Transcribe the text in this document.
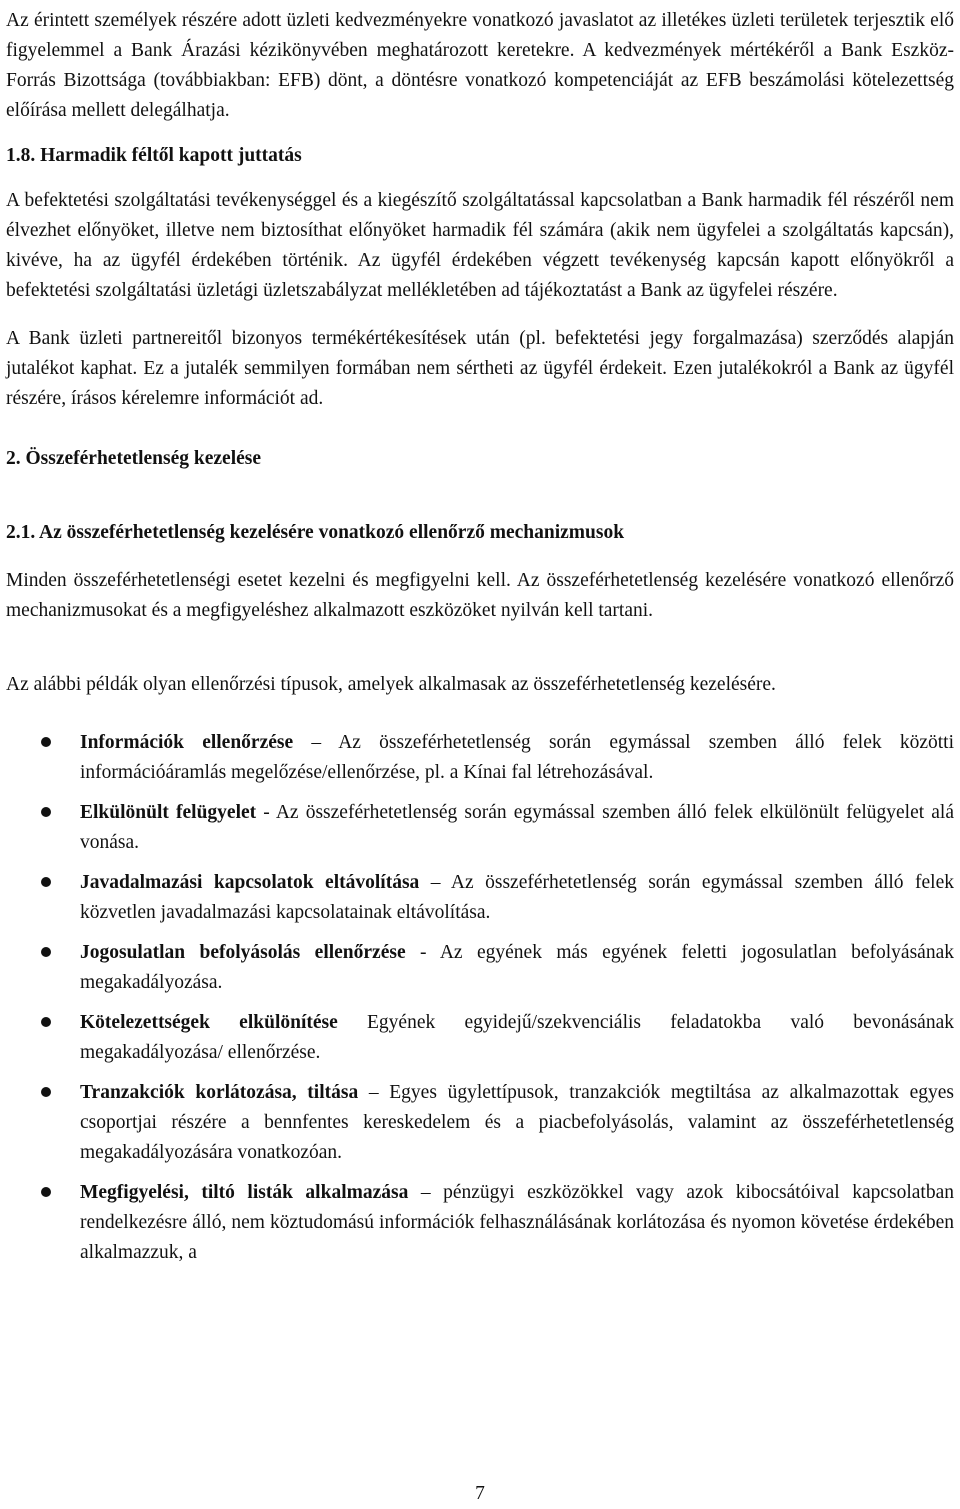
Az érintett személyek részére adott üzleti kedvezményekre vonatkozó javaslatot az illetékes üzleti területek terjesztik elő figyelemmel a Bank Árazási kézikönyvében meghatározott keretekre. A kedvezmények mértékéről a Bank Eszköz-Forrás Bizottsága (továbbiakban: EFB) dönt, a döntésre vonatkozó kompetenciáját az EFB beszámolási kötelezettség előírása mellett delegálhatja.

1.8. Harmadik féltől kapott juttatás

A befektetési szolgáltatási tevékenységgel és a kiegészítő szolgáltatással kapcsolatban a Bank harmadik fél részéről nem élvezhet előnyöket, illetve nem biztosíthat előnyöket harmadik fél számára (akik nem ügyfelei a szolgáltatás kapcsán), kivéve, ha az ügyfél érdekében történik. Az ügyfél érdekében végzett tevékenység kapcsán kapott előnyökről a befektetési szolgáltatási üzletági üzletszabályzat mellékletében ad tájékoztatást a Bank az ügyfelei részére.

A Bank üzleti partnereitől bizonyos termékértékesítések után (pl. befektetési jegy forgalmazása) szerződés alapján jutalékot kaphat. Ez a jutalék semmilyen formában nem sértheti az ügyfél érdekeit. Ezen jutalékokról a Bank az ügyfél részére, írásos kérelemre információt ad.

2. Összeférhetetlenség kezelése
2.1. Az összeférhetetlenség kezelésére vonatkozó ellenőrző mechanizmusok

Minden összeférhetetlenségi esetet kezelni és megfigyelni kell. Az összeférhetetlenség kezelésére vonatkozó ellenőrző mechanizmusokat és a megfigyeléshez alkalmazott eszközöket nyilván kell tartani.

Az alábbi példák olyan ellenőrzési típusok, amelyek alkalmasak az összeférhetetlenség kezelésére.

Információk ellenőrzése – Az összeférhetetlenség során egymással szemben álló felek közötti információáramlás megelőzése/ellenőrzése, pl. a Kínai fal létrehozásával.

Elkülönült felügyelet - Az összeférhetetlenség során egymással szemben álló felek elkülönült felügyelet alá vonása.

Javadalmazási kapcsolatok eltávolítása – Az összeférhetetlenség során egymással szemben álló felek közvetlen javadalmazási kapcsolatainak eltávolítása.

Jogosulatlan befolyásolás ellenőrzése - Az egyének más egyének feletti jogosulatlan befolyásának megakadályozása.

Kötelezettségek elkülönítése Egyének egyidejű/szekvenciális feladatokba való bevonásának megakadályozása/ ellenőrzése.

Tranzakciók korlátozása, tiltása – Egyes ügylettípusok, tranzakciók megtiltása az alkalmazottak egyes csoportjai részére a bennfentes kereskedelem és a piacbefolyásolás, valamint az összeférhetetlenség megakadályozására vonatkozóan.

Megfigyelési, tiltó listák alkalmazása – pénzügyi eszközökkel vagy azok kibocsátóival kapcsolatban rendelkezésre álló, nem köztudomású információk felhasználásának korlátozása és nyomon követése érdekében alkalmazzuk, a

7
